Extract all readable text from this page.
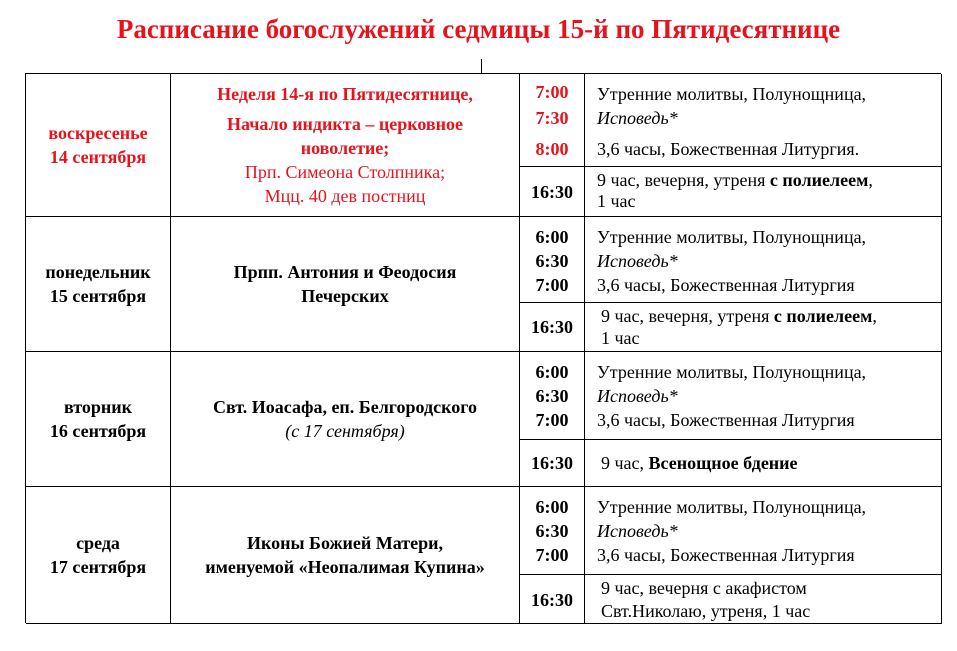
Расписание богослужений седмицы 15-й по Пятидесятнице
воскресенье
14 сентября
Неделя 14-я по Пятидесятнице,
Начало индикта – церковное
новолетие;
Прп. Симеона Столпника;
Мцц. 40 дев постниц
7:00
7:30
8:00
Утренние молитвы, Полунощница,
Исповедь*
3,6 часы, Божественная Литургия.
16:30
9 час, вечерня, утреня с полиелеем,
1 час
понедельник
15 сентября
Прпп. Антония и Феодосия
Печерских
6:00
6:30
7:00
Утренние молитвы, Полунощница,
Исповедь*
3,6 часы, Божественная Литургия
16:30
9 час, вечерня, утреня с полиелеем,
1 час
вторник
16 сентября
Свт. Иоасафа, еп. Белгородского
(с 17 сентября)
6:00
6:30
7:00
Утренние молитвы, Полунощница,
Исповедь*
3,6 часы, Божественная Литургия
16:30	9 час, Всенощное бдение
среда
17 сентября
Иконы Божией Матери,
именуемой «Неопалимая Купина»
6:00
6:30
7:00
Утренние молитвы, Полунощница,
Исповедь*
3,6 часы, Божественная Литургия
16:30
9 час, вечерня с акафистом
Свт.Николаю, утреня, 1 час
